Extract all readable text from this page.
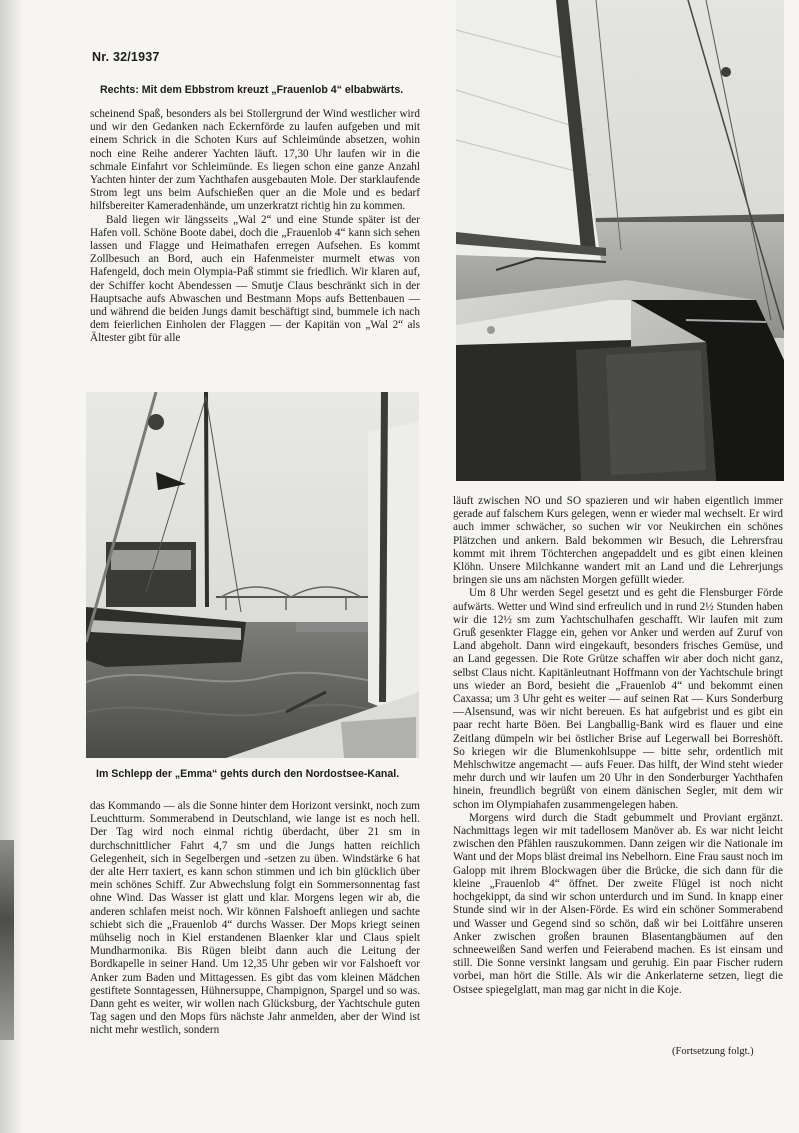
Nr. 32/1937
Rechts: Mit dem Ebbstrom kreuzt „Frauenlob 4“ elbabwärts.

scheinend Spaß, besonders als bei Stollergrund der Wind westlicher wird und wir den Gedanken nach Eckernförde zu laufen aufgeben und mit einem Schrick in die Schoten Kurs auf Schleimünde absetzen, wohin noch eine Reihe anderer Yachten läuft. 17,30 Uhr laufen wir in die schmale Einfahrt vor Schleimünde. Es liegen schon eine ganze Anzahl Yachten hinter der zum Yachthafen ausgebauten Mole. Der starklaufende Strom legt uns beim Aufschießen quer an die Mole und es bedarf hilfsbereiter Kameradenhände, um unzerkratzt richtig hin zu kommen.

Bald liegen wir längsseits „Wal 2“ und eine Stunde später ist der Hafen voll. Schöne Boote dabei, doch die „Frauenlob 4“ kann sich sehen lassen und Flagge und Heimathafen erregen Aufsehen. Es kommt Zollbesuch an Bord, auch ein Hafenmeister murmelt etwas von Hafengeld, doch mein Olympia-Paß stimmt sie friedlich. Wir klaren auf, der Schiffer kocht Abendessen — Smutje Claus beschränkt sich in der Hauptsache aufs Abwaschen und Bestmann Mops aufs Bettenbauen — und während die beiden Jungs damit beschäftigt sind, bummele ich nach dem feierlichen Einholen der Flaggen — der Kapitän von „Wal 2“ als Ältester gibt für alle

Im Schlepp der „Emma“ gehts durch den Nordostsee-Kanal.

das Kommando — als die Sonne hinter dem Horizont versinkt, noch zum Leuchtturm. Sommerabend in Deutschland, wie lange ist es noch hell. Der Tag wird noch einmal richtig überdacht, über 21 sm in durchschnittlicher Fahrt 4,7 sm und die Jungs hatten reichlich Gelegenheit, sich in Segelbergen und -setzen zu üben. Windstärke 6 hat der alte Herr taxiert, es kann schon stimmen und ich bin glücklich über mein schönes Schiff. Zur Abwechslung folgt ein Sommersonnentag fast ohne Wind. Das Wasser ist glatt und klar. Morgens legen wir ab, die anderen schlafen meist noch. Wir können Falshoeft anliegen und sachte schiebt sich die „Frauenlob 4“ durchs Wasser. Der Mops kriegt seinen mühselig noch in Kiel erstandenen Blaenker klar und Claus spielt Mundharmonika. Bis Rügen bleibt dann auch die Leitung der Bordkapelle in seiner Hand. Um 12,35 Uhr geben wir vor Falshoeft vor Anker zum Baden und Mittagessen. Es gibt das vom kleinen Mädchen gestiftete Sonntagessen, Hühnersuppe, Champignon, Spargel und so was. Dann geht es weiter, wir wollen nach Glücksburg, der Yachtschule guten Tag sagen und den Mops fürs nächste Jahr anmelden, aber der Wind ist nicht mehr westlich, sondern

läuft zwischen NO und SO spazieren und wir haben eigentlich immer gerade auf falschem Kurs gelegen, wenn er wieder mal wechselt. Er wird auch immer schwächer, so suchen wir vor Neukirchen ein schönes Plätzchen und ankern. Bald bekommen wir Besuch, die Lehrersfrau kommt mit ihrem Töchterchen angepaddelt und es gibt einen kleinen Klöhn. Unsere Milchkanne wandert mit an Land und die Lehrerjungs bringen sie uns am nächsten Morgen gefüllt wieder.

Um 8 Uhr werden Segel gesetzt und es geht die Flensburger Förde aufwärts. Wetter und Wind sind erfreulich und in rund 2½ Stunden haben wir die 12½ sm zum Yachtschulhafen geschafft. Wir laufen mit zum Gruß gesenkter Flagge ein, gehen vor Anker und werden auf Zuruf von Land abgeholt. Dann wird eingekauft, besonders frisches Gemüse, und an Land gegessen. Die Rote Grütze schaffen wir aber doch nicht ganz, selbst Claus nicht. Kapitänleutnant Hoffmann von der Yachtschule bringt uns wieder an Bord, besieht die „Frauenlob 4“ und bekommt einen Caxassa; um 3 Uhr geht es weiter — auf seinen Rat — Kurs Sonderburg—Alsensund, was wir nicht bereuen. Es hat aufgebrist und es gibt ein paar recht harte Böen. Bei Langballig-Bank wird es flauer und eine Zeitlang dümpeln wir bei östlicher Brise auf Legerwall bei Borreshöft. So kriegen wir die Blumenkohlsuppe — bitte sehr, ordentlich mit Mehlschwitze angemacht — aufs Feuer. Das hilft, der Wind steht wieder mehr durch und wir laufen um 20 Uhr in den Sonderburger Yachthafen hinein, freundlich begrüßt von einem dänischen Segler, mit dem wir schon im Olympiahafen zusammengelegen haben.

Morgens wird durch die Stadt gebummelt und Proviant ergänzt. Nachmittags legen wir mit tadellosem Manöver ab. Es war nicht leicht zwischen den Pfählen rauszukommen. Dann zeigen wir die Nationale im Want und der Mops bläst dreimal ins Nebelhorn. Eine Frau saust noch im Galopp mit ihrem Blockwagen über die Brücke, die sich dann für die kleine „Frauenlob 4“ öffnet. Der zweite Flügel ist noch nicht hochgekippt, da sind wir schon unterdurch und im Sund. In knapp einer Stunde sind wir in der Alsen-Förde. Es wird ein schöner Sommerabend und Wasser und Gegend sind so schön, daß wir bei Loitfähre unseren Anker zwischen großen braunen Blasentangbäumen auf den schneeweißen Sand werfen und Feierabend machen. Es ist einsam und still. Die Sonne versinkt langsam und geruhig. Ein paar Fischer rudern vorbei, man hört die Stille. Als wir die Ankerlaterne setzen, liegt die Ostsee spiegelglatt, man mag gar nicht in die Koje.

(Fortsetzung folgt.)
